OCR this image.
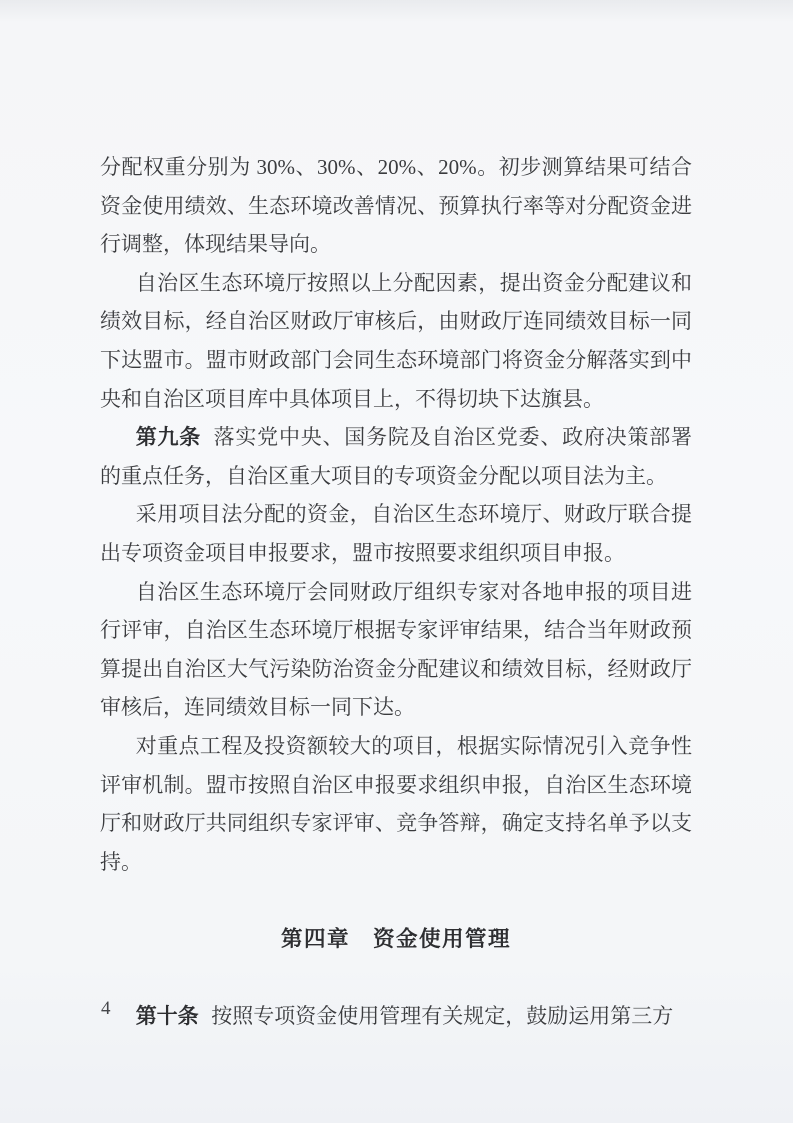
分配权重分别为 30%、30%、20%、20%。初步测算结果可结合资金使用绩效、生态环境改善情况、预算执行率等对分配资金进行调整，体现结果导向。

自治区生态环境厅按照以上分配因素，提出资金分配建议和绩效目标，经自治区财政厅审核后，由财政厅连同绩效目标一同下达盟市。盟市财政部门会同生态环境部门将资金分解落实到中央和自治区项目库中具体项目上，不得切块下达旗县。

第九条 落实党中央、国务院及自治区党委、政府决策部署的重点任务，自治区重大项目的专项资金分配以项目法为主。

采用项目法分配的资金，自治区生态环境厅、财政厅联合提出专项资金项目申报要求，盟市按照要求组织项目申报。

自治区生态环境厅会同财政厅组织专家对各地申报的项目进行评审，自治区生态环境厅根据专家评审结果，结合当年财政预算提出自治区大气污染防治资金分配建议和绩效目标，经财政厅审核后，连同绩效目标一同下达。

对重点工程及投资额较大的项目，根据实际情况引入竞争性评审机制。盟市按照自治区申报要求组织申报，自治区生态环境厅和财政厅共同组织专家评审、竞争答辩，确定支持名单予以支持。

第四章　资金使用管理

第十条 按照专项资金使用管理有关规定，鼓励运用第三方

4
